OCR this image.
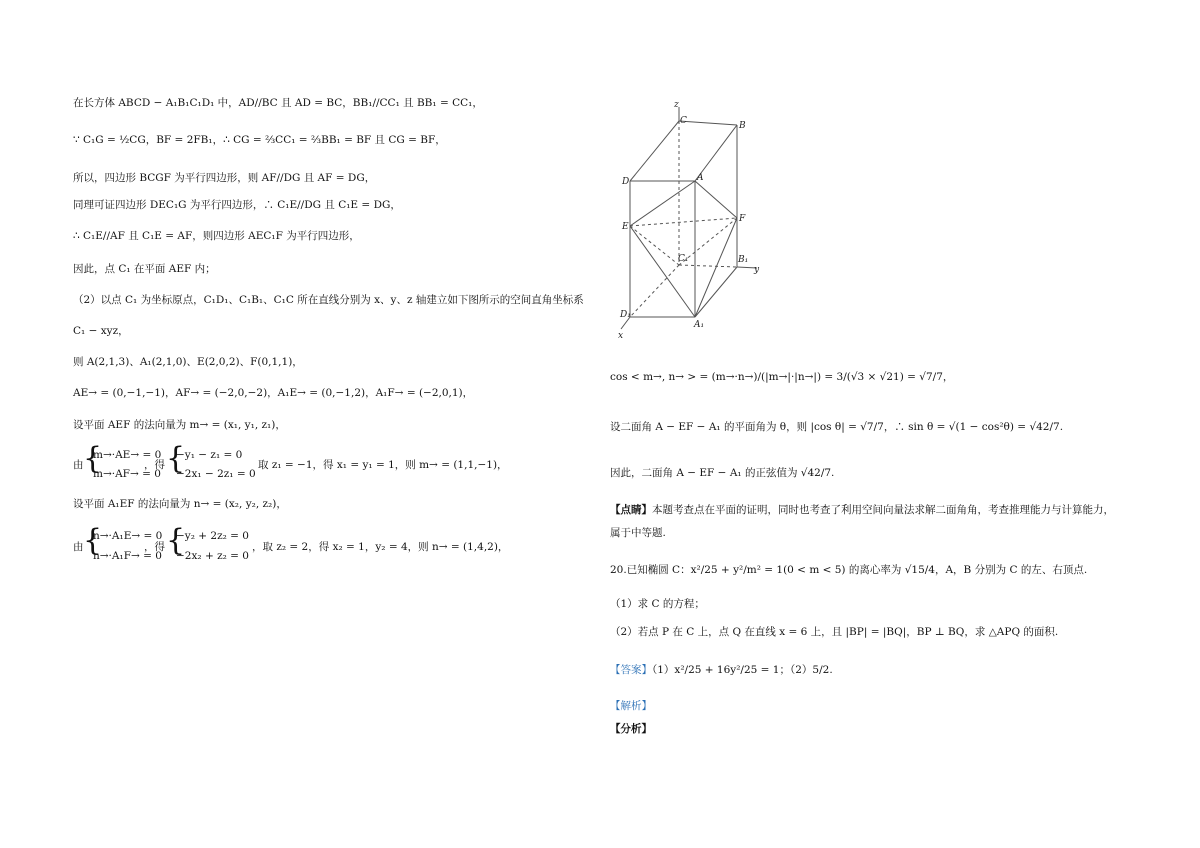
在长方体 ABCD − A₁B₁C₁D₁ 中，AD//BC 且 AD = BC，BB₁//CC₁ 且 BB₁ = CC₁，
∵ C₁G = ½CG，BF = 2FB₁，∴ CG = ⅔CC₁ = ⅔BB₁ = BF 且 CG = BF，
所以，四边形 BCGF 为平行四边形，则 AF//DG 且 AF = DG，
同理可证四边形 DEC₁G 为平行四边形，∴ C₁E//DG 且 C₁E = DG，
∴ C₁E//AF 且 C₁E = AF，则四边形 AEC₁F 为平行四边形，
因此，点 C₁ 在平面 AEF 内；
（2）以点 C₁ 为坐标原点，C₁D₁、C₁B₁、C₁C 所在直线分别为 x、y、z 轴建立如下图所示的空间直角坐标系
C₁ − xyz，
则 A(2,1,3)、A₁(2,1,0)、E(2,0,2)、F(0,1,1)，
AE→ = (0,−1,−1)，AF→ = (−2,0,−2)，A₁E→ = (0,−1,2)，A₁F→ = (−2,0,1)，
设平面 AEF 的法向量为 m→ = (x₁, y₁, z₁)，
由 {
m→·AE→ = 0
m→·AF→ = 0
，得 {
−y₁ − z₁ = 0
−2x₁ − 2z₁ = 0
取 z₁ = −1，得 x₁ = y₁ = 1，则 m→ = (1,1,−1)，
设平面 A₁EF 的法向量为 n→ = (x₂, y₂, z₂)，
由 {
n→·A₁E→ = 0
n→·A₁F→ = 0
，得 {
−y₂ + 2z₂ = 0
−2x₂ + z₂ = 0
，取 z₂ = 2，得 x₂ = 1，y₂ = 4，则 n→ = (1,4,2)，
z
C	B
D	A
E
F
C₁	B₁
y
D₁
A₁
x
cos < m→, n→ > = (m→·n→)/(|m→|·|n→|) = 3/(√3 × √21) = √7/7，
设二面角 A − EF − A₁ 的平面角为 θ，则 |cos θ| = √7/7，∴ sin θ = √(1 − cos²θ) = √42/7.
因此，二面角 A − EF − A₁ 的正弦值为 √42/7.
【点睛】本题考查点在平面的证明，同时也考查了利用空间向量法求解二面角角，考查推理能力与计算能力，
属于中等题.
20.已知椭圆 C：x²/25 + y²/m² = 1(0 < m < 5) 的离心率为 √15/4，A，B 分别为 C 的左、右顶点.
（1）求 C 的方程；
（2）若点 P 在 C 上，点 Q 在直线 x = 6 上，且 |BP| = |BQ|，BP ⊥ BQ，求 △APQ 的面积.
【答案】（1）x²/25 + 16y²/25 = 1；（2）5/2.
【解析】
【分析】
